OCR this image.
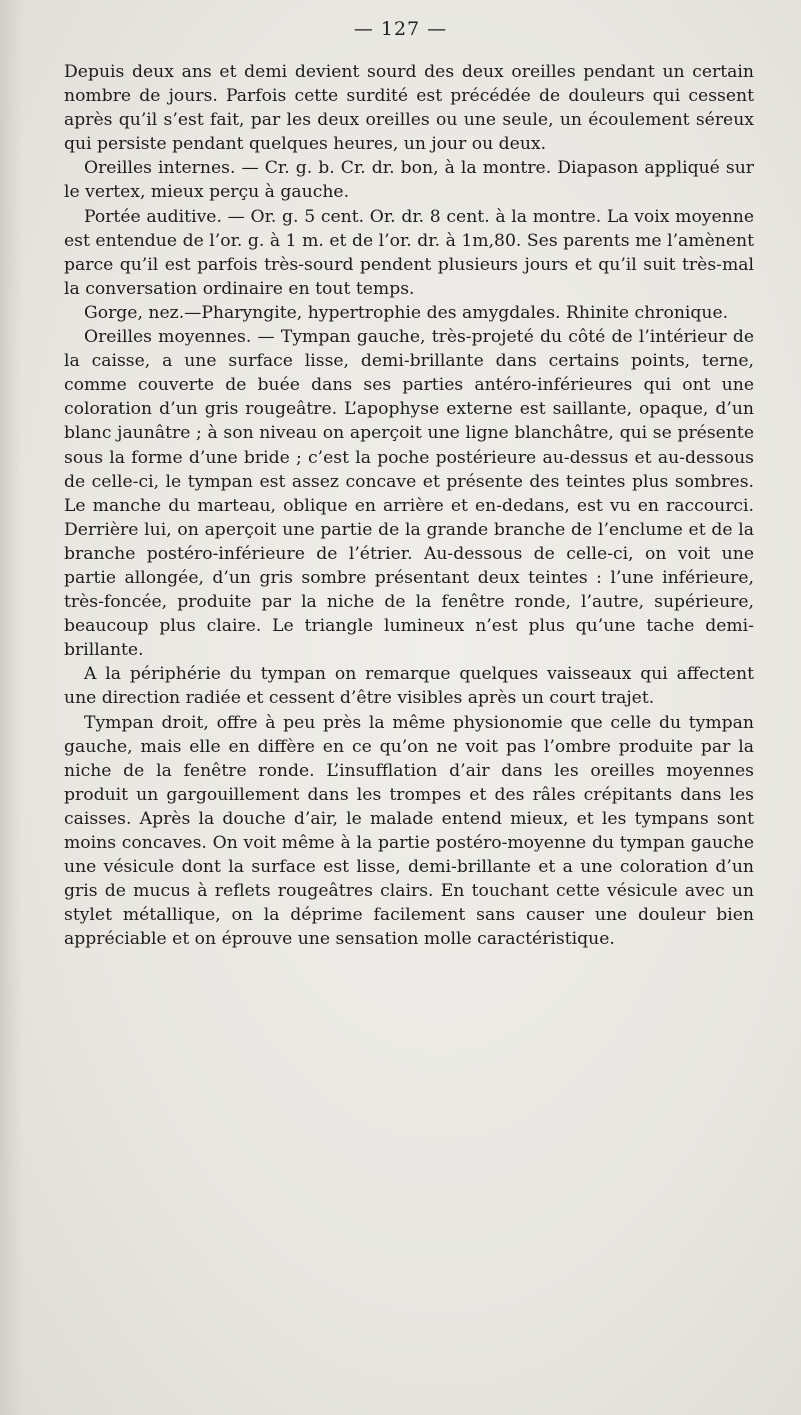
— 127 —

Depuis deux ans et demi devient sourd des deux oreilles pendant un certain nombre de jours. Parfois cette surdité est précédée de douleurs qui cessent après qu’il s’est fait, par les deux oreilles ou une seule, un écoulement séreux qui persiste pendant quelques heures, un jour ou deux.

Oreilles internes. — Cr. g. b. Cr. dr. bon, à la montre. Diapason appliqué sur le vertex, mieux perçu à gauche.

Portée auditive. — Or. g. 5 cent. Or. dr. 8 cent. à la montre. La voix moyenne est entendue de l’or. g. à 1 m. et de l’or. dr. à 1m,80. Ses parents me l’amènent parce qu’il est parfois très-sourd pendent plusieurs jours et qu’il suit très-mal la conversation ordinaire en tout temps.

Gorge, nez.—Pharyngite, hypertrophie des amygdales. Rhinite chronique.

Oreilles moyennes. — Tympan gauche, très-projeté du côté de l’intérieur de la caisse, a une surface lisse, demi-brillante dans certains points, terne, comme couverte de buée dans ses parties antéro-inférieures qui ont une coloration d’un gris rougeâtre. L’apophyse externe est saillante, opaque, d’un blanc jaunâtre ; à son niveau on aperçoit une ligne blanchâtre, qui se présente sous la forme d’une bride ; c’est la poche postérieure au-dessus et au-dessous de celle-ci, le tympan est assez concave et présente des teintes plus sombres. Le manche du marteau, oblique en arrière et en-dedans, est vu en raccourci. Derrière lui, on aperçoit une partie de la grande branche de l’enclume et de la branche postéro-inférieure de l’étrier. Au-dessous de celle-ci, on voit une partie allongée, d’un gris sombre présentant deux teintes : l’une inférieure, très-foncée, produite par la niche de la fenêtre ronde, l’autre, supérieure, beaucoup plus claire. Le triangle lumineux n’est plus qu’une tache demi-brillante.

A la périphérie du tympan on remarque quelques vaisseaux qui affectent une direction radiée et cessent d’être visibles après un court trajet.

Tympan droit, offre à peu près la même physionomie que celle du tympan gauche, mais elle en diffère en ce qu’on ne voit pas l’ombre produite par la niche de la fenêtre ronde. L’insufflation d’air dans les oreilles moyennes produit un gargouillement dans les trompes et des râles crépitants dans les caisses. Après la douche d’air, le malade entend mieux, et les tympans sont moins concaves. On voit même à la partie postéro-moyenne du tympan gauche une vésicule dont la surface est lisse, demi-brillante et a une coloration d’un gris de mucus à reflets rougeâtres clairs. En touchant cette vésicule avec un stylet métallique, on la déprime facilement sans causer une douleur bien appréciable et on éprouve une sensation molle caractéristique.
